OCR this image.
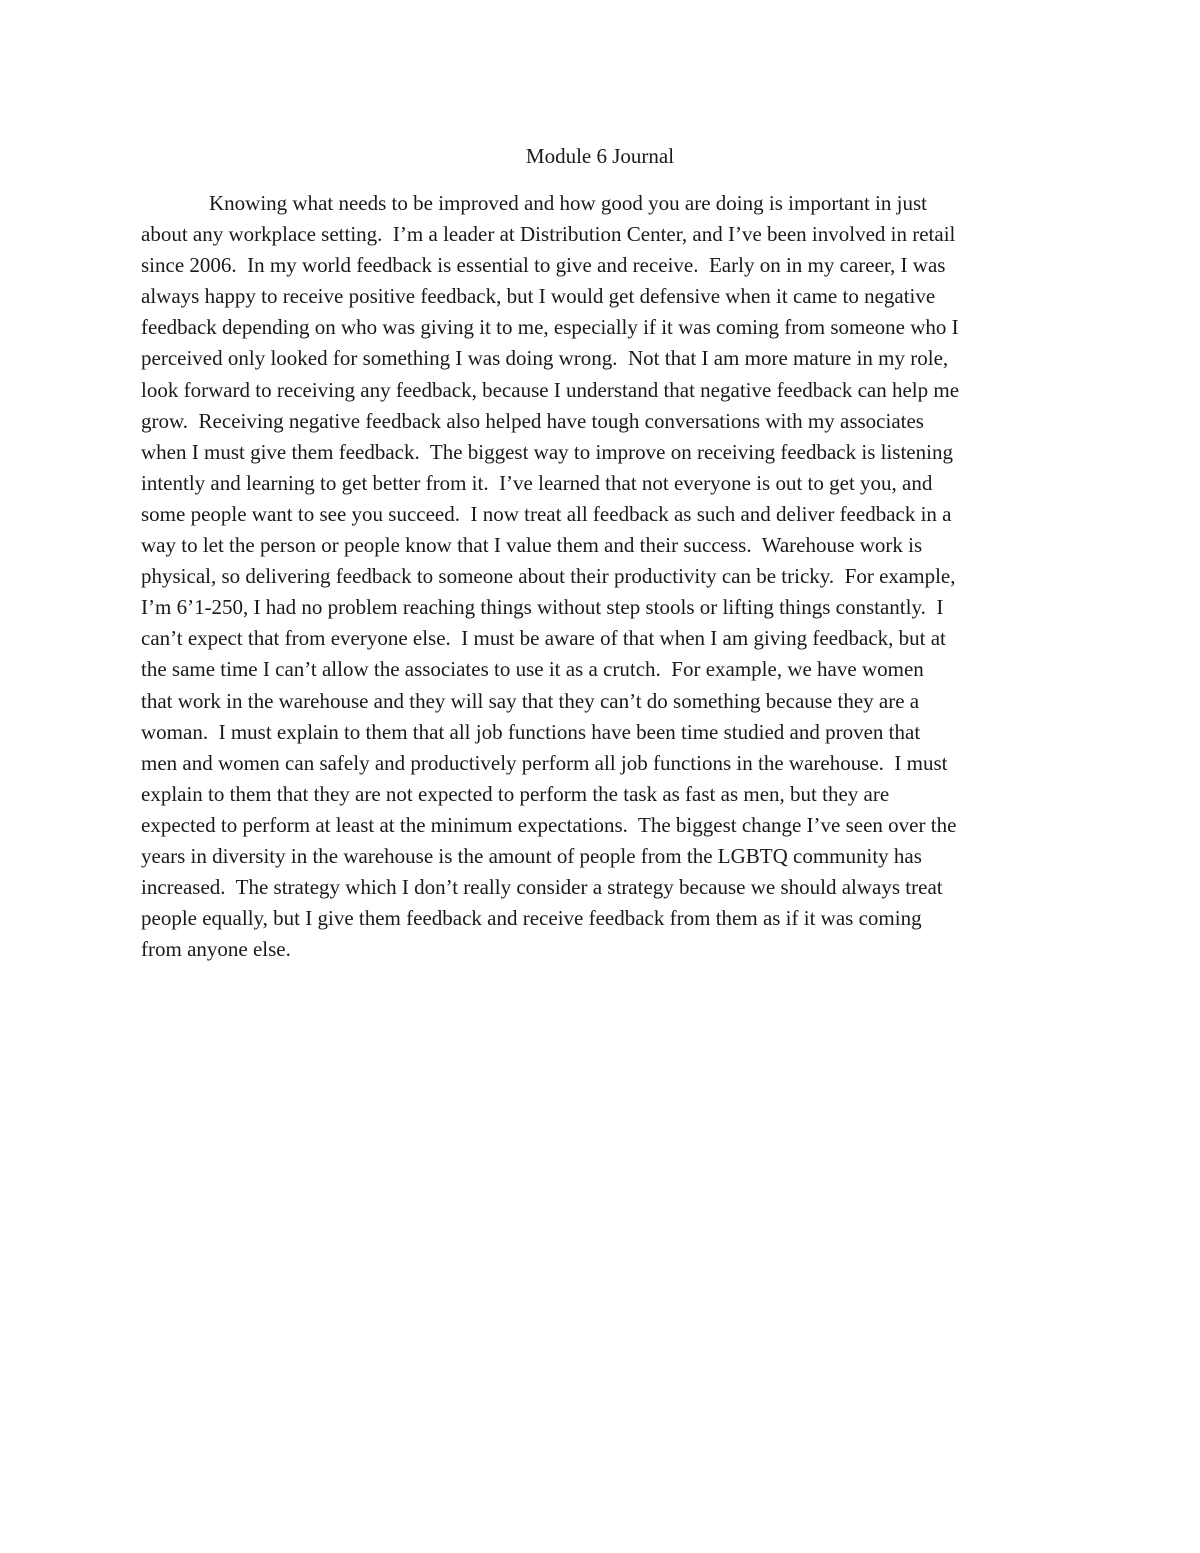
Module 6 Journal
Knowing what needs to be improved and how good you are doing is important in just
about any workplace setting.  I’m a leader at Distribution Center, and I’ve been involved in retail
since 2006.  In my world feedback is essential to give and receive.  Early on in my career, I was
always happy to receive positive feedback, but I would get defensive when it came to negative
feedback depending on who was giving it to me, especially if it was coming from someone who I
perceived only looked for something I was doing wrong.  Not that I am more mature in my role,
look forward to receiving any feedback, because I understand that negative feedback can help me
grow.  Receiving negative feedback also helped have tough conversations with my associates
when I must give them feedback.  The biggest way to improve on receiving feedback is listening
intently and learning to get better from it.  I’ve learned that not everyone is out to get you, and
some people want to see you succeed.  I now treat all feedback as such and deliver feedback in a
way to let the person or people know that I value them and their success.  Warehouse work is
physical, so delivering feedback to someone about their productivity can be tricky.  For example,
I’m 6’1-250, I had no problem reaching things without step stools or lifting things constantly.  I
can’t expect that from everyone else.  I must be aware of that when I am giving feedback, but at
the same time I can’t allow the associates to use it as a crutch.  For example, we have women
that work in the warehouse and they will say that they can’t do something because they are a
woman.  I must explain to them that all job functions have been time studied and proven that
men and women can safely and productively perform all job functions in the warehouse.  I must
explain to them that they are not expected to perform the task as fast as men, but they are
expected to perform at least at the minimum expectations.  The biggest change I’ve seen over the
years in diversity in the warehouse is the amount of people from the LGBTQ community has
increased.  The strategy which I don’t really consider a strategy because we should always treat
people equally, but I give them feedback and receive feedback from them as if it was coming
from anyone else.
